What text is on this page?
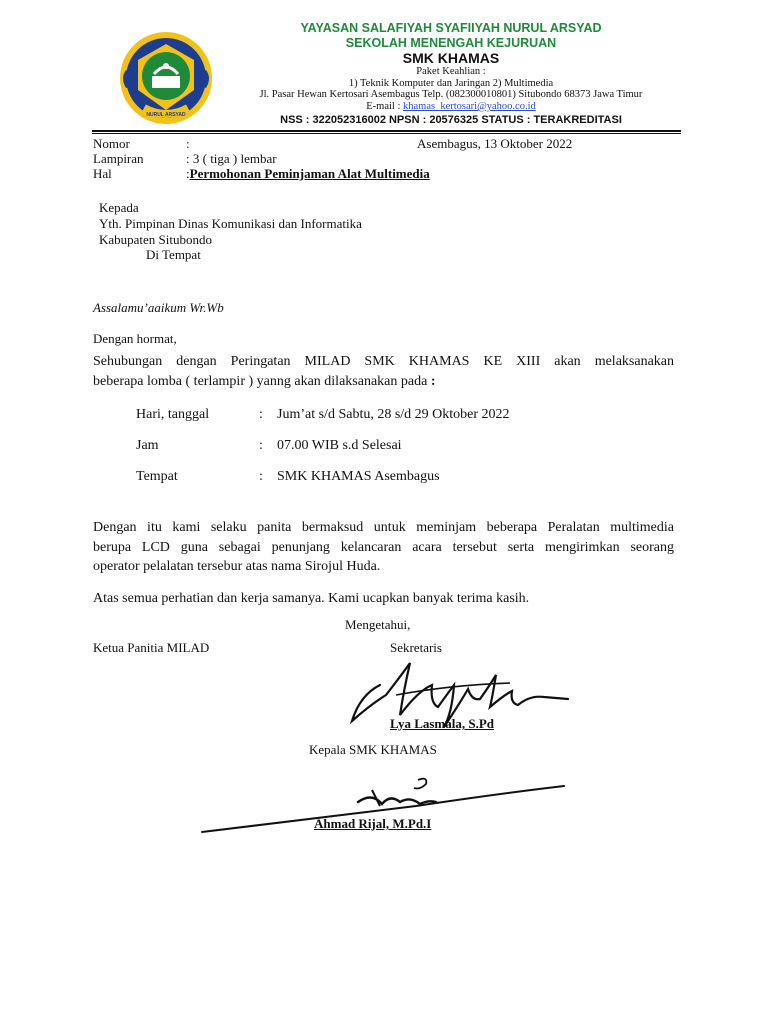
NURUL ARSYAD
YAYASAN SALAFIYAH SYAFIIYAH NURUL ARSYAD
SEKOLAH MENENGAH KEJURUAN
SMK KHAMAS
Paket Keahlian :
1) Teknik Komputer dan Jaringan 2) Multimedia
Jl. Pasar Hewan Kertosari Asembagus Telp. (082300010801) Situbondo 68373 Jawa Timur
E-mail : khamas_kertosari@yahoo.co.id
NSS : 322052316002 NPSN : 20576325 STATUS : TERAKREDITASI
Nomor	:	Asembagus, 13 Oktober 2022
Lampiran	: 3 ( tiga ) lembar
Hal	:Permohonan Peminjaman Alat Multimedia
Kepada
Yth. Pimpinan Dinas Komunikasi dan Informatika
Kabupaten Situbondo
Di Tempat
Assalamu’aaikum Wr.Wb
Dengan hormat,
Sehubungan dengan Peringatan MILAD SMK KHAMAS KE XIII akan melaksanakan
beberapa lomba ( terlampir ) yanng akan dilaksanakan pada :
Hari, tanggal	: Jum’at s/d Sabtu, 28 s/d 29 Oktober 2022
Jam	: 07.00 WIB s.d Selesai
Tempat	: SMK KHAMAS Asembagus
Dengan itu kami selaku panita bermaksud untuk meminjam beberapa Peralatan multimedia
berupa LCD guna sebagai penunjang kelancaran acara tersebut serta mengirimkan seorang
operator pelalatan tersebur atas nama Sirojul Huda.
Atas semua perhatian dan kerja samanya. Kami ucapkan banyak terima kasih.
Mengetahui,
Ketua Panitia MILAD	Sekretaris
Lya Lasmala, S.Pd
Kepala SMK KHAMAS
Ahmad Rijal, M.Pd.I
